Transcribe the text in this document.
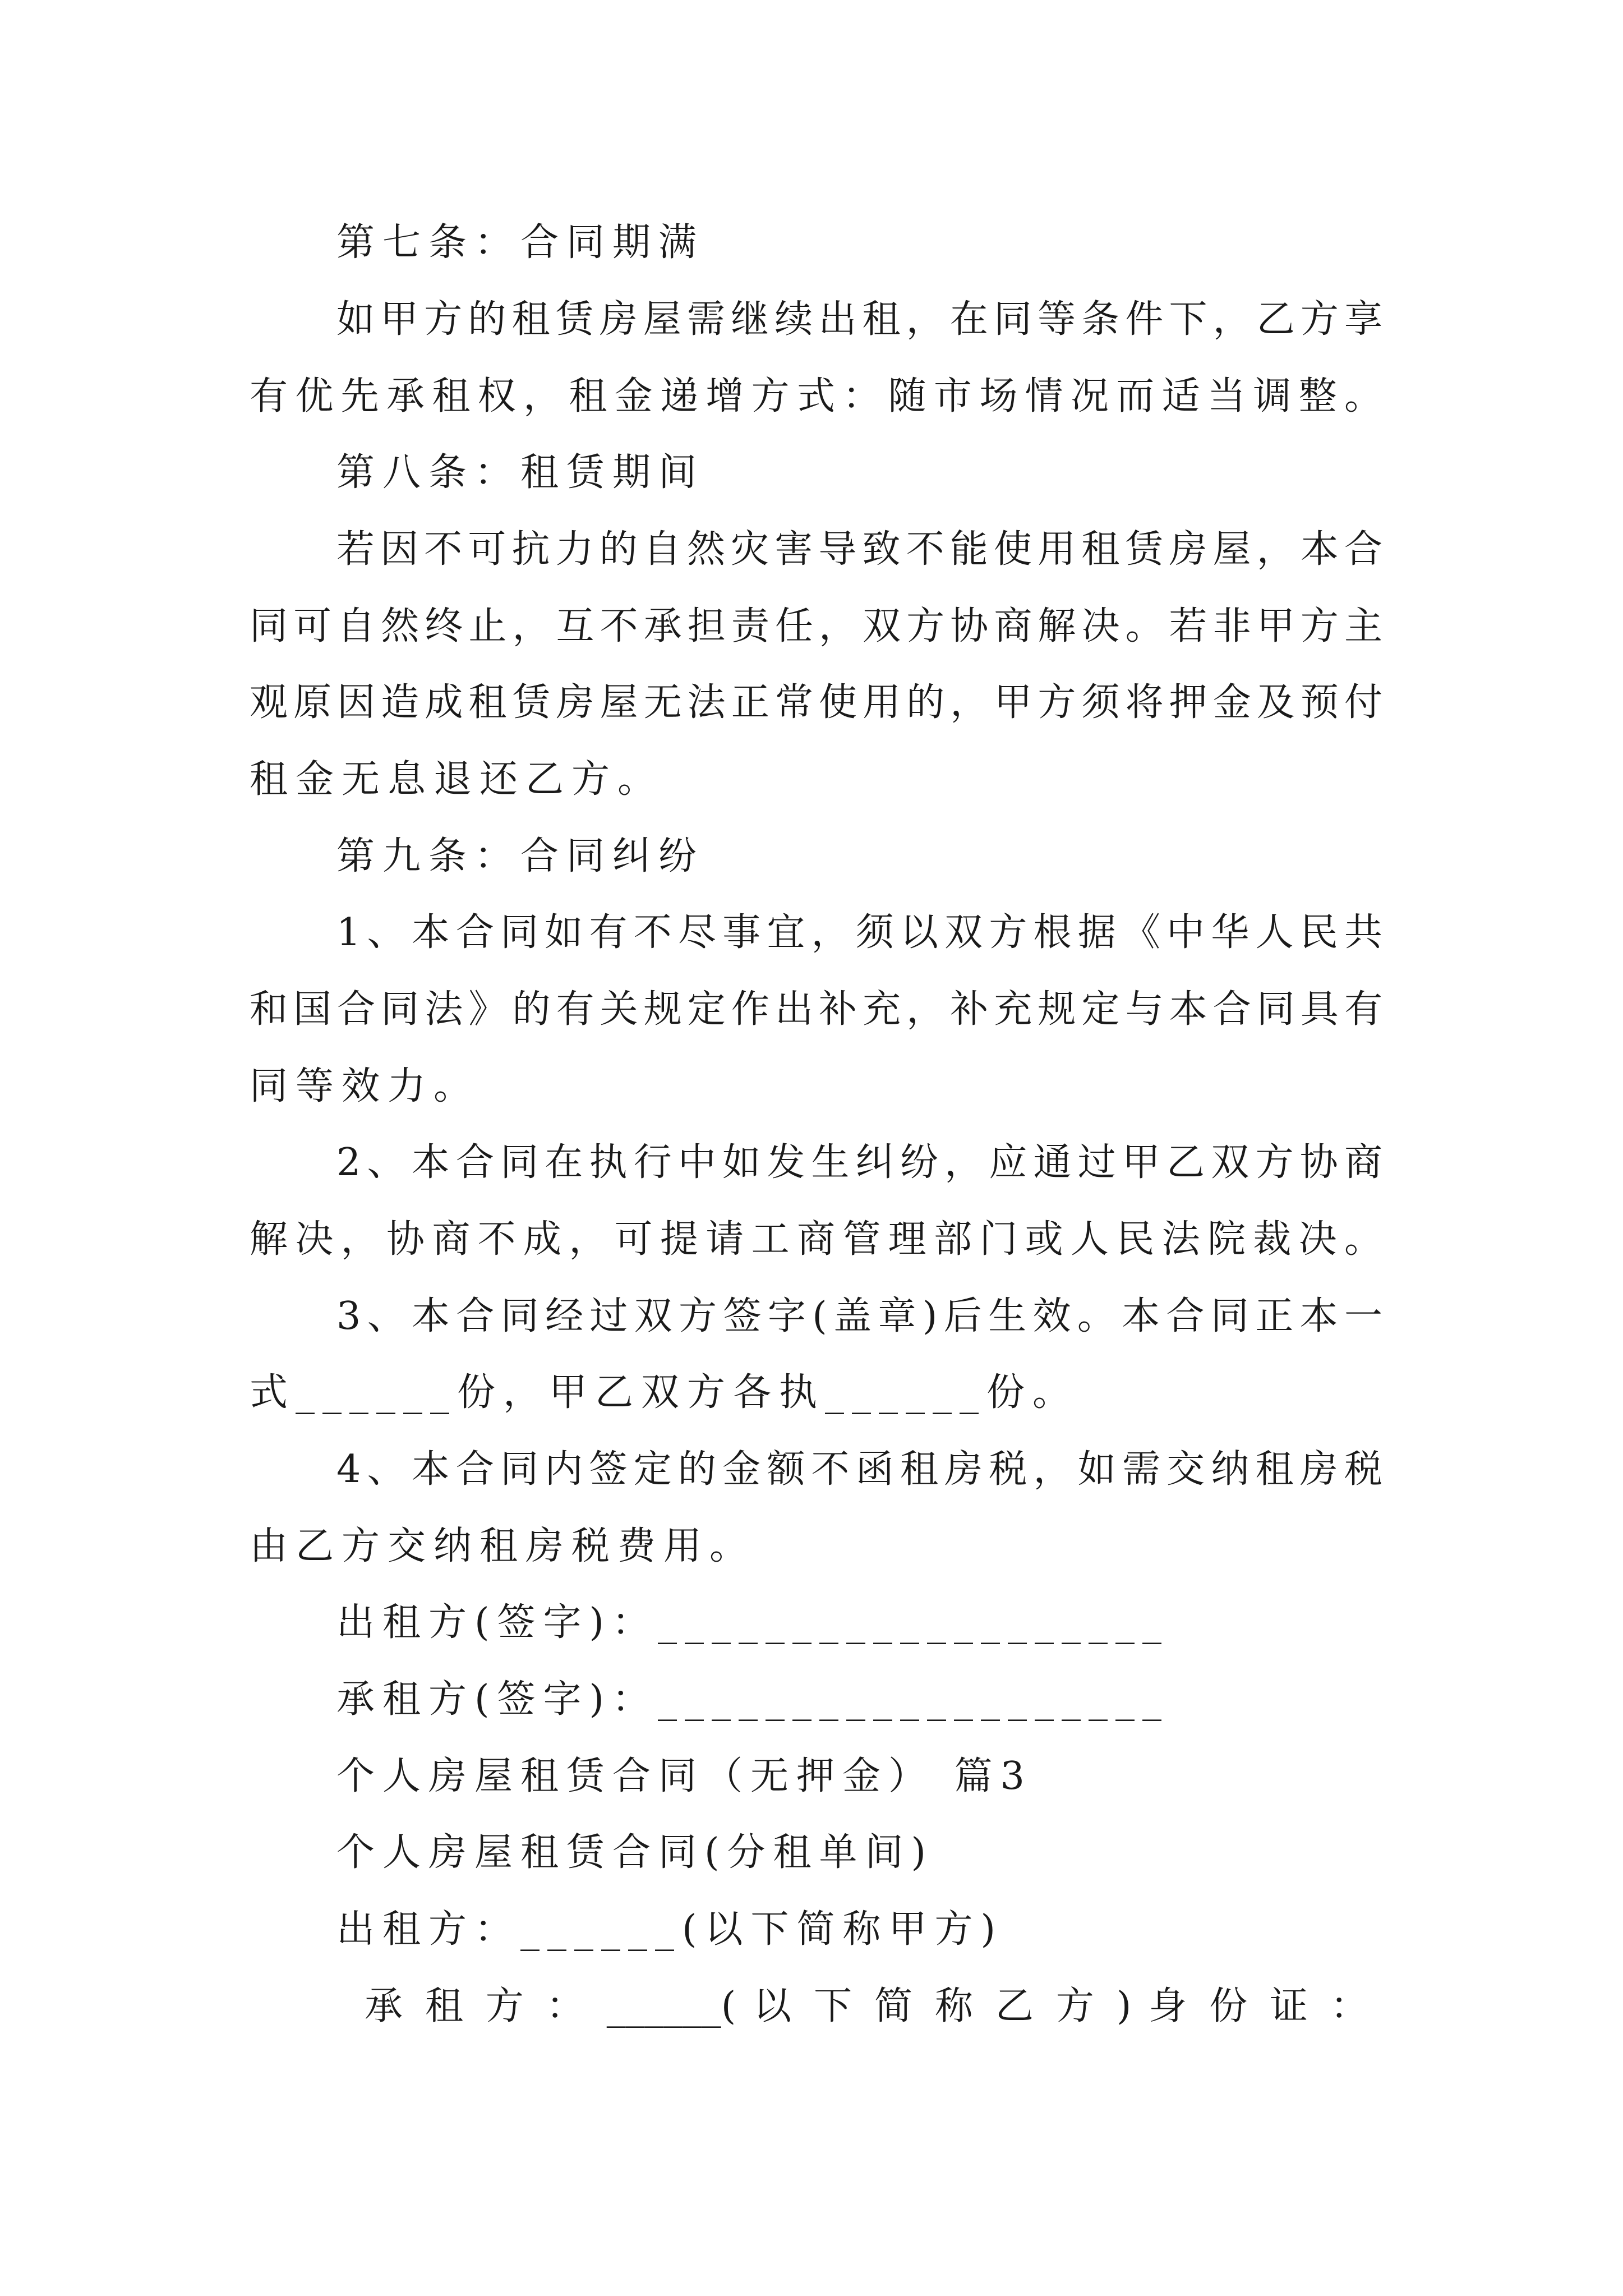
第七条：合同期满
如甲方的租赁房屋需继续出租，在同等条件下，乙方享
有优先承租权，租金递增方式：随市场情况而适当调整。
第八条：租赁期间
若因不可抗力的自然灾害导致不能使用租赁房屋，本合
同可自然终止，互不承担责任，双方协商解决。若非甲方主
观原因造成租赁房屋无法正常使用的，甲方须将押金及预付
租金无息退还乙方。
第九条：合同纠纷
1、本合同如有不尽事宜，须以双方根据《中华人民共
和国合同法》的有关规定作出补充，补充规定与本合同具有
同等效力。
2、本合同在执行中如发生纠纷，应通过甲乙双方协商
解决，协商不成，可提请工商管理部门或人民法院裁决。
3、本合同经过双方签字(盖章)后生效。本合同正本一
式______份，甲乙双方各执______份。
4、本合同内签定的金额不函租房税，如需交纳租房税
由乙方交纳租房税费用。
出租方(签字)：___________________
承租方(签字)：___________________
个人房屋租赁合同（无押金） 篇3
个人房屋租赁合同(分租单间)
出租方：______(以下简称甲方)
承 租 方 ： ______( 以 下 简 称 乙 方 ) 身 份 证 ：
